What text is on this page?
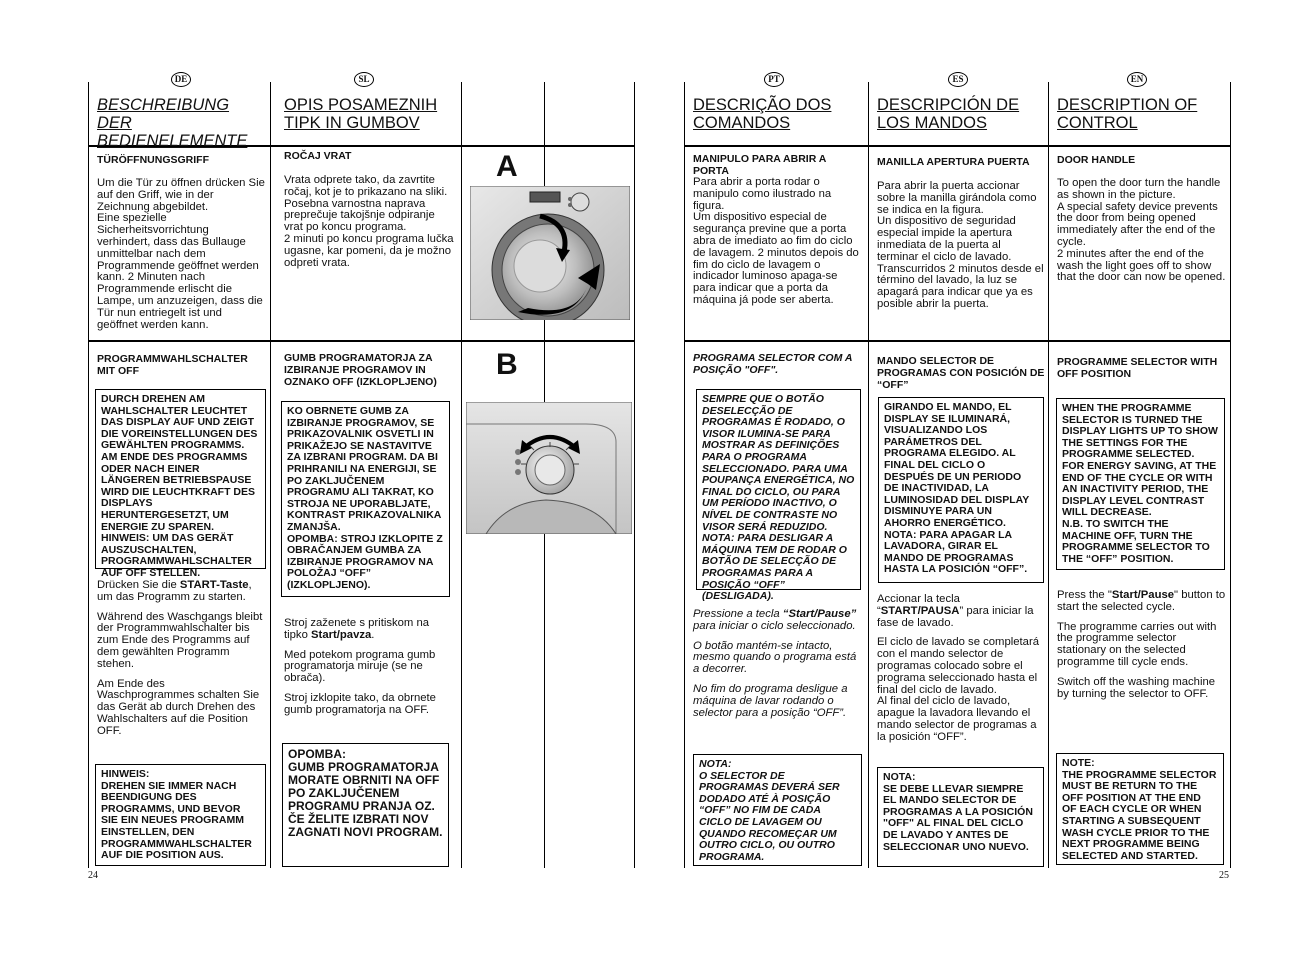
DE	SL	PT	ES	EN
BESCHREIBUNG DER BEDIENELEMENTE
OPIS POSAMEZNIH TIPK IN GUMBOV
DESCRIÇÃO DOS COMANDOS
DESCRIPCIÓN DE LOS MANDOS
DESCRIPTION OF CONTROL
TÜRÖFFNUNGSGRIFF
Um die Tür zu öffnen drücken Sie auf den Griff, wie in der Zeichnung abgebildet.
Eine spezielle Sicherheitsvorrichtung verhindert, dass das Bullauge unmittelbar nach dem Programmende geöffnet werden kann. 2 Minuten nach Programmende erlischt die Lampe, um anzuzeigen, dass die Tür nun entriegelt ist und geöffnet werden kann.
ROČAJ VRAT
Vrata odprete tako, da zavrtite ročaj, kot je to prikazano na sliki.
Posebna varnostna naprava preprečuje takojšnje odpiranje vrat po koncu programa.
2 minuti po koncu programa lučka ugasne, kar pomeni, da je možno odpreti vrata.
MANIPULO PARA ABRIR A PORTA
Para abrir a porta rodar o manipulo como ilustrado na figura.
Um dispositivo especial de segurança previne que a porta abra de imediato ao fim do ciclo de lavagem. 2 minutos depois do fim do ciclo de lavagem o indicador luminoso apaga-se para indicar que a porta da máquina já pode ser aberta.
MANILLA APERTURA PUERTA
Para abrir la puerta accionar sobre la manilla girándola como se indica en la figura.
Un dispositivo de seguridad especial impide la apertura inmediata de la puerta al terminar el ciclo de lavado. Transcurridos 2 minutos desde el término del lavado, la luz se apagará para indicar que ya es posible abrir la puerta.
DOOR HANDLE
To open the door turn the handle as shown in the picture.
A special safety device prevents the door from being opened immediately after the end of the cycle.
2 minutes after the end of the wash the light goes off to show that the door can now be opened.
A
B
PROGRAMMWAHLSCHALTER MIT OFF
DURCH DREHEN AM WAHLSCHALTER LEUCHTET DAS DISPLAY AUF UND ZEIGT DIE VOREINSTELLUNGEN DES GEWÄHLTEN PROGRAMMS. AM ENDE DES PROGRAMMS ODER NACH EINER LÄNGEREN BETRIEBSPAUSE WIRD DIE LEUCHTKRAFT DES DISPLAYS HERUNTERGESETZT, UM ENERGIE ZU SPAREN. HINWEIS: UM DAS GERÄT AUSZUSCHALTEN, PROGRAMMWAHLSCHALTER AUF OFF STELLEN.

Drücken Sie die START-Taste, um das Programm zu starten.

Während des Waschgangs bleibt der Programmwahlschalter bis zum Ende des Programms auf dem gewählten Programm stehen.

Am Ende des Waschprogrammes schalten Sie das Gerät ab durch Drehen des Wahlschalters auf die Position OFF.

HINWEIS:
DREHEN SIE IMMER NACH BEENDIGUNG DES PROGRAMMS, UND BEVOR SIE EIN NEUES PROGRAMM EINSTELLEN, DEN PROGRAMMWAHLSCHALTER AUF DIE POSITION AUS.
GUMB PROGRAMATORJA ZA IZBIRANJE PROGRAMOV IN OZNAKO OFF (IZKLOPLJENO)
KO OBRNETE GUMB ZA IZBIRANJE PROGRAMOV, SE PRIKAZOVALNIK OSVETLI IN PRIKAŽEJO SE NASTAVITVE ZA IZBRANI PROGRAM. DA BI PRIHRANILI NA ENERGIJI, SE PO ZAKLJUČENEM PROGRAMU ALI TAKRAT, KO STROJA NE UPORABLJATE, KONTRAST PRIKAZOVALNIKA ZMANJŠA.
OPOMBA: STROJ IZKLOPITE Z OBRAČANJEM GUMBA ZA IZBIRANJE PROGRAMOV NA POLOŽAJ “OFF” (IZKLOPLJENO).

Stroj zaženete s pritiskom na tipko Start/pavza.

Med potekom programa gumb programatorja miruje (se ne obrača).

Stroj izklopite tako, da obrnete gumb programatorja na OFF.

OPOMBA:
GUMB PROGRAMATORJA MORATE OBRNITI NA OFF PO ZAKLJUČENEM PROGRAMU PRANJA OZ. ČE ŽELITE IZBRATI NOV ZAGNATI NOVI PROGRAM.
PROGRAMA SELECTOR COM A POSIÇÃO "OFF".
SEMPRE QUE O BOTÃO DESELECÇÃO DE PROGRAMAS É RODADO, O VISOR ILUMINA-SE PARA MOSTRAR AS DEFINIÇÕES PARA O PROGRAMA SELECCIONADO. PARA UMA POUPANÇA ENERGÉTICA, NO FINAL DO CICLO, OU PARA UM PERÍODO INACTIVO, O NÍVEL DE CONTRASTE NO VISOR SERÁ REDUZIDO.
NOTA: PARA DESLIGAR A MÁQUINA TEM DE RODAR O BOTÃO DE SELECÇÃO DE PROGRAMAS PARA A POSIÇÃO “OFF” (DESLIGADA).

Pressione a tecla “Start/Pause” para iniciar o ciclo seleccionado.

O botão mantém-se intacto, mesmo quando o programa está a decorrer.

No fim do programa desligue a máquina de lavar rodando o selector para a posição “OFF”.

NOTA:
O SELECTOR DE PROGRAMAS DEVERÁ SER DODADO ATÉ À POSIÇÃO “OFF” NO FIM DE CADA CICLO DE LAVAGEM OU QUANDO RECOMEÇAR UM OUTRO CICLO, OU OUTRO PROGRAMA.
MANDO SELECTOR DE PROGRAMAS CON POSICIÓN DE “OFF”
GIRANDO EL MANDO, EL DISPLAY SE ILUMINARÁ, VISUALIZANDO LOS PARÁMETROS DEL PROGRAMA ELEGIDO. AL FINAL DEL CICLO O DESPUÉS DE UN PERIODO DE INACTIVIDAD, LA LUMINOSIDAD DEL DISPLAY DISMINUYE PARA UN AHORRO ENERGÉTICO. NOTA: PARA APAGAR LA LAVADORA, GIRAR EL MANDO DE PROGRAMAS HASTA LA POSICIÓN “OFF”.

Accionar la tecla
“START/PAUSA” para iniciar la fase de lavado.

El ciclo de lavado se completará con el mando selector de programas colocado sobre el programa seleccionado hasta el final del ciclo de lavado.
Al final del ciclo de lavado, apague la lavadora llevando el mando selector de programas a la posición “OFF”.

NOTA:
SE DEBE LLEVAR SIEMPRE EL MANDO SELECTOR DE PROGRAMAS A LA POSICIÓN "OFF" AL FINAL DEL CICLO DE LAVADO Y ANTES DE SELECCIONAR UNO NUEVO.
PROGRAMME SELECTOR WITH OFF POSITION
WHEN THE PROGRAMME SELECTOR IS TURNED THE DISPLAY LIGHTS UP TO SHOW THE SETTINGS FOR THE PROGRAMME SELECTED. FOR ENERGY SAVING, AT THE END OF THE CYCLE OR WITH AN INACTIVITY PERIOD, THE DISPLAY LEVEL CONTRAST WILL DECREASE.
N.B. TO SWITCH THE MACHINE OFF, TURN THE PROGRAMME SELECTOR TO THE “OFF” POSITION.

Press the "Start/Pause" button to start the selected cycle.

The programme carries out with the programme selector stationary on the selected programme till cycle ends.

Switch off the washing machine by turning the selector to OFF.

NOTE:
THE PROGRAMME SELECTOR MUST BE RETURN TO THE OFF POSITION AT THE END OF EACH CYCLE OR WHEN STARTING A SUBSEQUENT WASH CYCLE PRIOR TO THE NEXT PROGRAMME BEING SELECTED AND STARTED.
24	25
